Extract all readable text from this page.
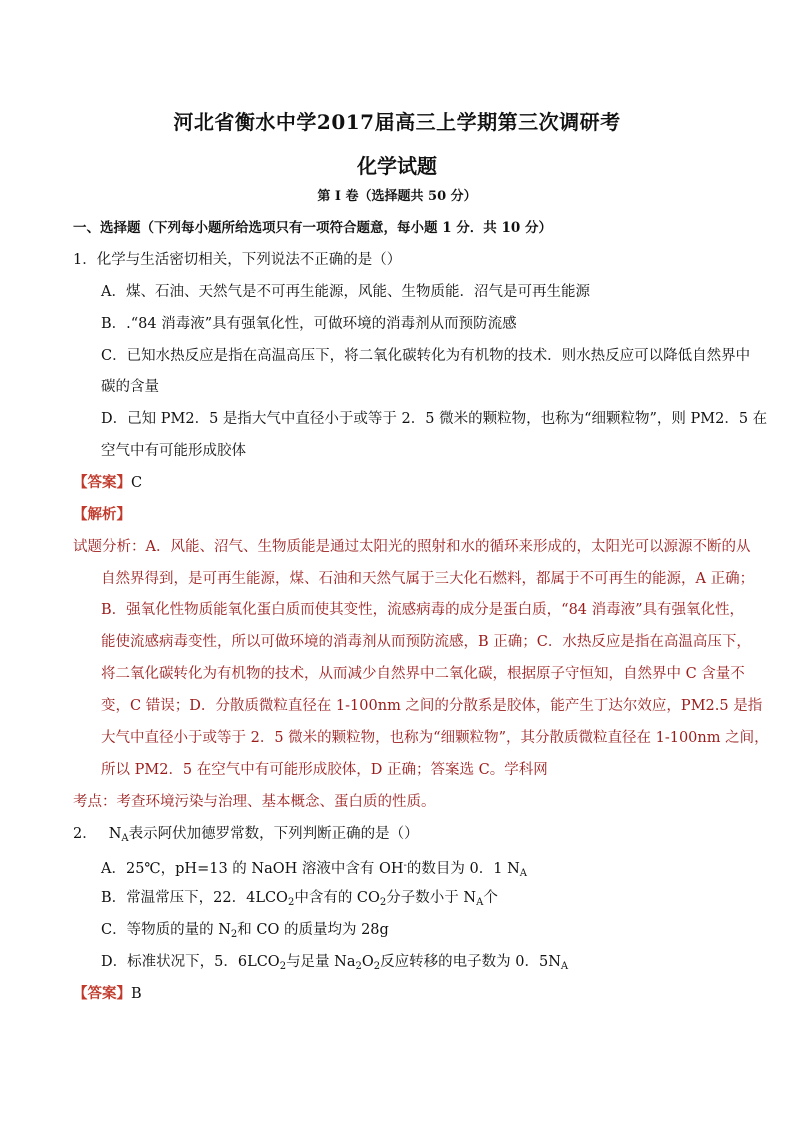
河北省衡水中学2017届高三上学期第三次调研考
化学试题
第 I 卷（选择题共 50 分）
一、选择题（下列每小题所给选项只有一项符合题意，每小题 1 分．共 10 分）
1．化学与生活密切相关，下列说法不正确的是（）
A．煤、石油、天然气是不可再生能源，风能、生物质能．沼气是可再生能源
B．.“84 消毒液”具有强氧化性，可做环境的消毒剂从而预防流感
C．已知水热反应是指在高温高压下，将二氧化碳转化为有机物的技术．则水热反应可以降低自然界中
碳的含量
D．己知 PM2．5 是指大气中直径小于或等于 2．5 微米的颗粒物，也称为“细颗粒物”，则 PM2．5 在
空气中有可能形成胶体
【答案】C
【解析】
试题分析：A．风能、沼气、生物质能是通过太阳光的照射和水的循环来形成的，太阳光可以源源不断的从
自然界得到，是可再生能源，煤、石油和天然气属于三大化石燃料，都属于不可再生的能源，A 正确；
B．强氧化性物质能氧化蛋白质而使其变性，流感病毒的成分是蛋白质，“84 消毒液”具有强氧化性，
能使流感病毒变性，所以可做环境的消毒剂从而预防流感，B 正确；C．水热反应是指在高温高压下，
将二氧化碳转化为有机物的技术，从而减少自然界中二氧化碳，根据原子守恒知，自然界中 C 含量不
变，C 错误；D．分散质微粒直径在 1-100nm 之间的分散系是胶体，能产生丁达尔效应，PM2.5 是指
大气中直径小于或等于 2．5 微米的颗粒物，也称为“细颗粒物”，其分散质微粒直径在 1-100nm 之间，
所以 PM2．5 在空气中有可能形成胶体，D 正确；答案选 C。学科网
考点：考查环境污染与治理、基本概念、蛋白质的性质。
2． $N_A$表示阿伏加德罗常数，下列判断正确的是（）
A．25℃，pH=13 的 NaOH 溶液中含有 OH-的数目为 0．1 $N_A$
B．常温常压下，22．$4LCO_2$中含有的 $CO_2$分子数小于 $N_A$个
C．等物质的量的 $N_2$和 CO 的质量均为 28g
D．标准状况下，5．$6LCO_2$与足量 $Na_2O_2$反应转移的电子数为 0．$5N_A$
【答案】B
